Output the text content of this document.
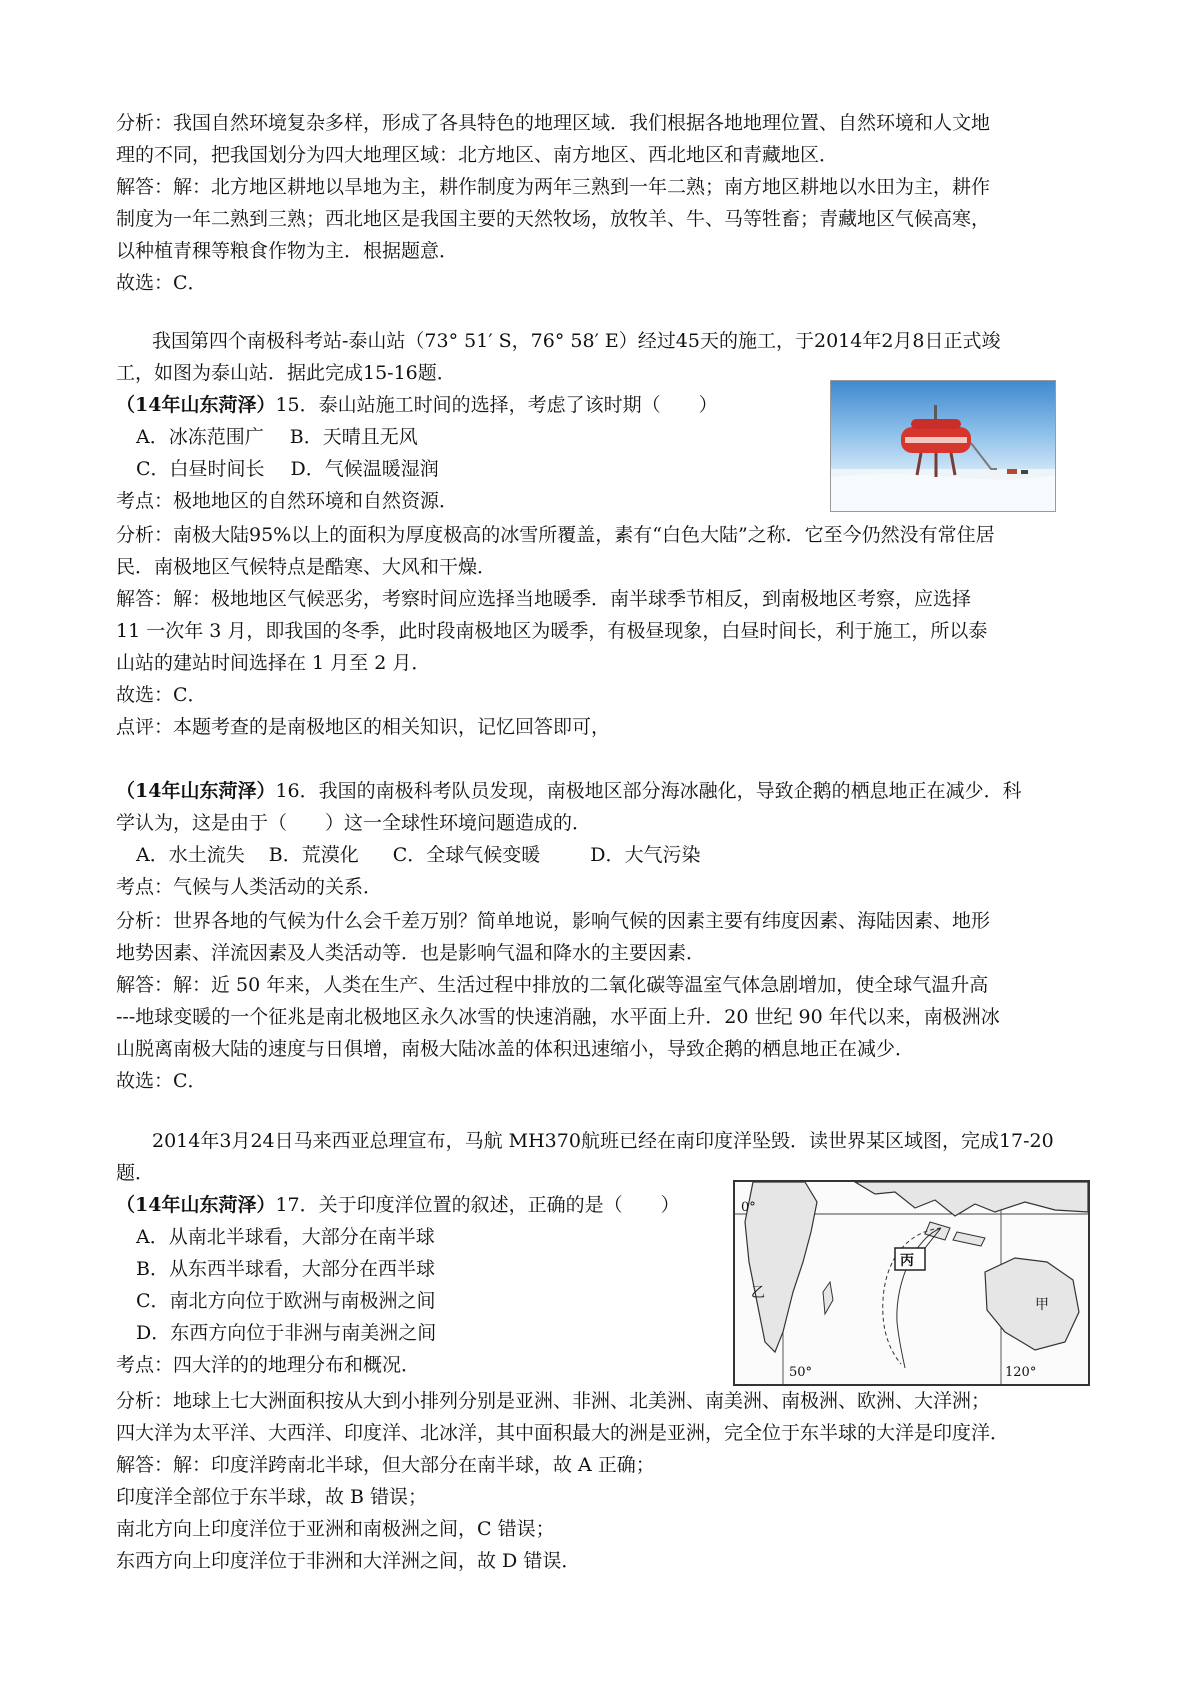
分析：我国自然环境复杂多样，形成了各具特色的地理区域．我们根据各地地理位置、自然环境和人文地
理的不同，把我国划分为四大地理区域：北方地区、南方地区、西北地区和青藏地区．
解答：解：北方地区耕地以旱地为主，耕作制度为两年三熟到一年二熟；南方地区耕地以水田为主，耕作
制度为一年二熟到三熟；西北地区是我国主要的天然牧场，放牧羊、牛、马等牲畜；青藏地区气候高寒，
以种植青稞等粮食作物为主．根据题意．
故选：C．
我国第四个南极科考站-泰山站（73° 51′ S，76° 58′ E）经过45天的施工，于2014年2月8日正式竣
工，如图为泰山站．据此完成15-16题．
（14年山东菏泽）15．泰山站施工时间的选择，考虑了该时期（　　）
A．冰冻范围广 B．天晴且无风
C．白昼时间长 D．气候温暖湿润
考点：极地地区的自然环境和自然资源．
分析：南极大陆95%以上的面积为厚度极高的冰雪所覆盖，素有“白色大陆”之称．它至今仍然没有常住居
民．南极地区气候特点是酷寒、大风和干燥．
解答：解：极地地区气候恶劣，考察时间应选择当地暖季．南半球季节相反，到南极地区考察，应选择
11 一次年 3 月，即我国的冬季，此时段南极地区为暖季，有极昼现象，白昼时间长，利于施工，所以泰
山站的建站时间选择在 1 月至 2 月．
故选：C．
点评：本题考查的是南极地区的相关知识，记忆回答即可，
（14年山东菏泽）16．我国的南极科考队员发现，南极地区部分海冰融化，导致企鹅的栖息地正在减少．科
学认为，这是由于（　　）这一全球性环境问题造成的．
A．水土流失 B．荒漠化 C．全球气候变暖	D．大气污染
考点：气候与人类活动的关系．
分析：世界各地的气候为什么会千差万别？简单地说，影响气候的因素主要有纬度因素、海陆因素、地形
地势因素、洋流因素及人类活动等．也是影响气温和降水的主要因素．
解答：解：近 50 年来，人类在生产、生活过程中排放的二氧化碳等温室气体急剧增加，使全球气温升高
---地球变暖的一个征兆是南北极地区永久冰雪的快速消融，水平面上升．20 世纪 90 年代以来，南极洲冰
山脱离南极大陆的速度与日俱增，南极大陆冰盖的体积迅速缩小，导致企鹅的栖息地正在减少．
故选：C．
2014年3月24日马来西亚总理宣布，马航 MH370航班已经在南印度洋坠毁．读世界某区域图，完成17-20
题．
（14年山东菏泽）17．关于印度洋位置的叙述，正确的是（　　）
A．从南北半球看，大部分在南半球
B．从东西半球看，大部分在西半球
C．南北方向位于欧洲与南极洲之间
D．东西方向位于非洲与南美洲之间
考点：四大洋的的地理分布和概况．
分析：地球上七大洲面积按从大到小排列分别是亚洲、非洲、北美洲、南美洲、南极洲、欧洲、大洋洲；
四大洋为太平洋、大西洋、印度洋、北冰洋，其中面积最大的洲是亚洲，完全位于东半球的大洋是印度洋．
解答：解：印度洋跨南北半球，但大部分在南半球，故 A 正确；
印度洋全部位于东半球，故 B 错误；
南北方向上印度洋位于亚洲和南极洲之间，C 错误；
东西方向上印度洋位于非洲和大洋洲之间，故 D 错误．
0°
50°	120°
丙
乙
甲
